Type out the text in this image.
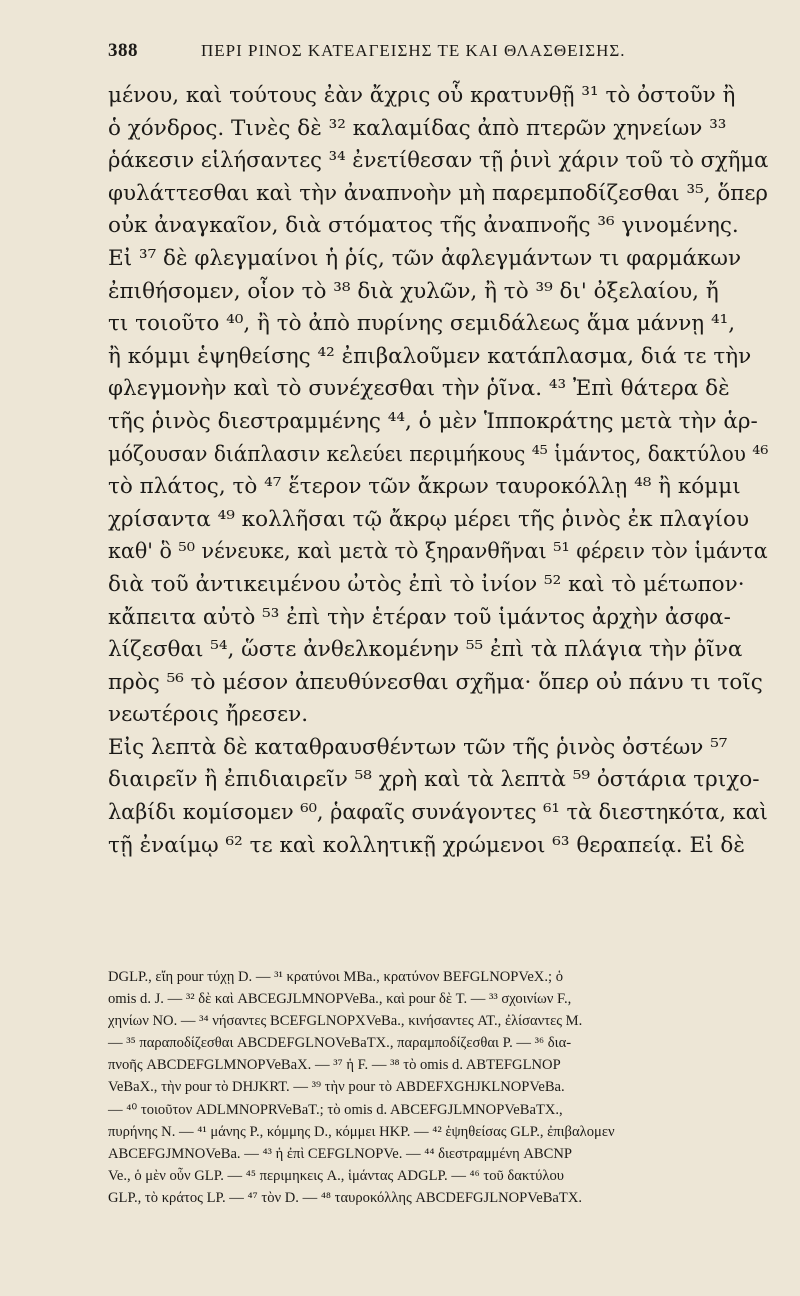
388	ΠΕΡΙ ΡΙΝΟΣ ΚΑΤΕΑΓΕΙΣΗΣ ΤΕ ΚΑΙ ΘΛΑΣΘΕΙΣΗΣ.
μένου, καὶ τούτους ἐὰν ἄχρις οὗ κρατυνθῇ ³¹ τὸ ὀστοῦν ἢ
ὁ χόνδρος. Τινὲς δὲ ³² καλαμίδας ἀπὸ πτερῶν χηνείων ³³
ῥάκεσιν εἱλήσαντες ³⁴ ἐνετίθεσαν τῇ ῥινὶ χάριν τοῦ τὸ σχῆμα
φυλάττεσθαι καὶ τὴν ἀναπνοὴν μὴ παρεμποδίζεσθαι ³⁵, ὅπερ
οὐκ ἀναγκαῖον, διὰ στόματος τῆς ἀναπνοῆς ³⁶ γινομένης.
Εἰ ³⁷ δὲ φλεγμαίνοι ἡ ῥίς, τῶν ἀφλεγμάντων τι φαρμάκων
ἐπιθήσομεν, οἷον τὸ ³⁸ διὰ χυλῶν, ἢ τὸ ³⁹ δι' ὀξελαίου, ἤ
τι τοιοῦτο ⁴⁰, ἢ τὸ ἀπὸ πυρίνης σεμιδάλεως ἅμα μάννῃ ⁴¹,
ἢ κόμμι ἑψηθείσης ⁴² ἐπιβαλοῦμεν κατάπλασμα, διά τε τὴν
φλεγμονὴν καὶ τὸ συνέχεσθαι τὴν ῥῖνα. ⁴³ Ἐπὶ θάτερα δὲ
τῆς ῥινὸς διεστραμμένης ⁴⁴, ὁ μὲν Ἱπποκράτης μετὰ τὴν ἁρ-
μόζουσαν διάπλασιν κελεύει περιμήκους ⁴⁵ ἱμάντος, δακτύλου ⁴⁶
τὸ πλάτος, τὸ ⁴⁷ ἕτερον τῶν ἄκρων ταυροκόλλῃ ⁴⁸ ἢ κόμμι
χρίσαντα ⁴⁹ κολλῆσαι τῷ ἄκρῳ μέρει τῆς ῥινὸς ἐκ πλαγίου
καθ' ὃ ⁵⁰ νένευκε, καὶ μετὰ τὸ ξηρανθῆναι ⁵¹ φέρειν τὸν ἱμάντα
διὰ τοῦ ἀντικειμένου ὠτὸς ἐπὶ τὸ ἰνίον ⁵² καὶ τὸ μέτωπον·
κἄπειτα αὐτὸ ⁵³ ἐπὶ τὴν ἑτέραν τοῦ ἱμάντος ἀρχὴν ἀσφα-
λίζεσθαι ⁵⁴, ὥστε ἀνθελκομένην ⁵⁵ ἐπὶ τὰ πλάγια τὴν ῥῖνα
πρὸς ⁵⁶ τὸ μέσον ἀπευθύνεσθαι σχῆμα· ὅπερ οὐ πάνυ τι τοῖς
νεωτέροις ἤρεσεν.
Εἰς λεπτὰ δὲ καταθραυσθέντων τῶν τῆς ῥινὸς ὀστέων ⁵⁷
διαιρεῖν ἢ ἐπιδιαιρεῖν ⁵⁸ χρὴ καὶ τὰ λεπτὰ ⁵⁹ ὀστάρια τριχο-
λαβίδι κομίσομεν ⁶⁰, ῥαφαῖς συνάγοντες ⁶¹ τὰ διεστηκότα, καὶ
τῇ ἐναίμῳ ⁶² τε καὶ κολλητικῇ χρώμενοι ⁶³ θεραπείᾳ. Εἰ δὲ
DGLP., εἴη pour τύχῃ D. — ³¹ κρατύνοι MBa., κρατύνον BEFGLNOPVeX.; ὁ
omis d. J. — ³² δὲ καὶ ABCEGJLMNOPVeBa., καὶ pour δὲ T. — ³³ σχοινίων F.,
χηνίων NO. — ³⁴ νήσαντες BCEFGLNOPXVeBa., κινήσαντες AT., ἐλίσαντες M.
— ³⁵ παραποδίζεσθαι ABCDEFGLNOVeBaTX., παραμποδίζεσθαι P. — ³⁶ δια-
πνοῆς ABCDEFGLMNOPVeBaX. — ³⁷ ἡ F. — ³⁸ τὸ omis d. ABTEFGLNOP
VeBaX., τὴν pour τὸ DHJKRT. — ³⁹ τὴν pour τὸ ABDEFXGHJKLNOPVeBa.
— ⁴⁰ τοιοῦτον ADLMNOPRVeBaT.; τὸ omis d. ABCEFGJLMNOPVeBaTX.,
πυρήνης N. — ⁴¹ μάνης P., κόμμης D., κόμμει HKP. — ⁴² ἑψηθείσας GLP., ἐπιβαλομεν
ABCEFGJMNOVeBa. — ⁴³ ἡ ἐπὶ CEFGLNOPVe. — ⁴⁴ διεστραμμένη ABCNP
Ve., ὁ μὲν οὖν GLP. — ⁴⁵ περιμηκεις A., ἱμάντας ADGLP. — ⁴⁶ τοῦ δακτύλου
GLP., τὸ κράτος LP. — ⁴⁷ τὸν D. — ⁴⁸ ταυροκόλλης ABCDEFGJLNOPVeBaTX.
